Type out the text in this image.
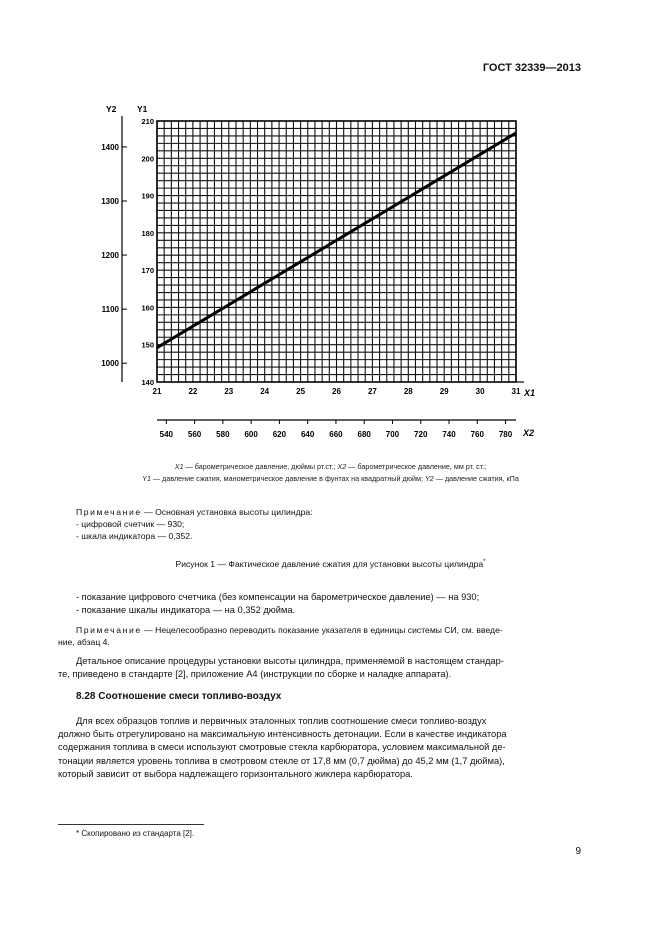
ГОСТ 32339—2013
140
150
160
170
180
190
200
210
21	22	23	24	25	26	27	28	29	30	31
1000
1100
1200
1300
1400
540 560 580 600 620 640 660 680 700 720 740 760 780
Y2 Y1
X1
X2
X1 — барометрическое давление, дюймы рт.ст.; X2 — барометрическое давление, мм рт. ст.;
Y1 — давление сжатия, манометрическое давление в фунтах на квадратный дюйм; Y2 — давление сжатия, кПа
Примечание — Основная установка высоты цилиндра:
- цифровой счетчик — 930;
- шкала индикатора — 0,352.
Рисунок 1 — Фактическое давление сжатия для установки высоты цилиндра*
- показание цифрового счетчика (без компенсации на барометрическое давление) — на 930;
- показание шкалы индикатора — на 0,352 дюйма.
Примечание — Нецелесообразно переводить показание указателя в единицы системы СИ, см. введе-
ние, абзац 4.
Детальное описание процедуры установки высоты цилиндра, применяемой в настоящем стандар-
те, приведено в стандарте [2], приложение А4 (инструкции по сборке и наладке аппарата).
8.28 Соотношение смеси топливо-воздух
Для всех образцов топлив и первичных эталонных топлив соотношение смеси топливо-воздух
должно быть отрегулировано на максимальную интенсивность детонации. Если в качестве индикатора
содержания топлива в смеси используют смотровые стекла карбюратора, условием максимальной де-
тонации является уровень топлива в смотровом стекле от 17,8 мм (0,7 дюйма) до 45,2 мм (1,7 дюйма),
который зависит от выбора надлежащего горизонтального жиклера карбюратора.
* Скопировано из стандарта [2].
9
